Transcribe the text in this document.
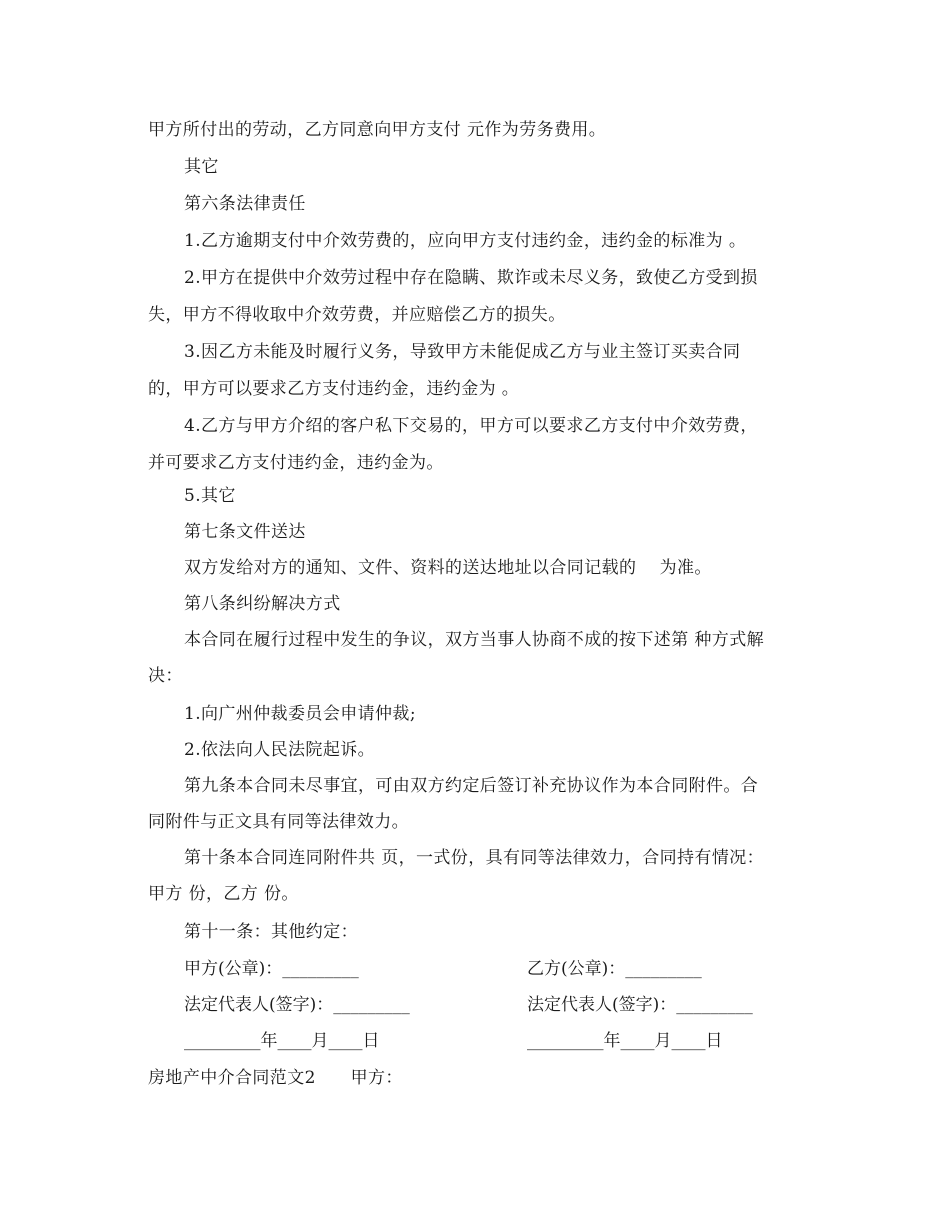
甲方所付出的劳动，乙方同意向甲方支付 元作为劳务费用。
其它
第六条法律责任
1.乙方逾期支付中介效劳费的，应向甲方支付违约金，违约金的标准为 。
2.甲方在提供中介效劳过程中存在隐瞒、欺诈或未尽义务，致使乙方受到损
失，甲方不得收取中介效劳费，并应赔偿乙方的损失。
3.因乙方未能及时履行义务，导致甲方未能促成乙方与业主签订买卖合同
的，甲方可以要求乙方支付违约金，违约金为 。
4.乙方与甲方介绍的客户私下交易的，甲方可以要求乙方支付中介效劳费，
并可要求乙方支付违约金，违约金为。
5.其它
第七条文件送达
双方发给对方的通知、文件、资料的送达地址以合同记载的　 为准。
第八条纠纷解决方式
本合同在履行过程中发生的争议，双方当事人协商不成的按下述第 种方式解
决：
1.向广州仲裁委员会申请仲裁;
2.依法向人民法院起诉。
第九条本合同未尽事宜，可由双方约定后签订补充协议作为本合同附件。合
同附件与正文具有同等法律效力。
第十条本合同连同附件共 页，一式份，具有同等法律效力，合同持有情况：
甲方 份，乙方 份。
第十一条：其他约定：
甲方(公章)：_________	乙方(公章)：_________
法定代表人(签字)：_________	法定代表人(签字)：_________
_________年____月____日	_________年____月____日
房地产中介合同范文2　　甲方：
